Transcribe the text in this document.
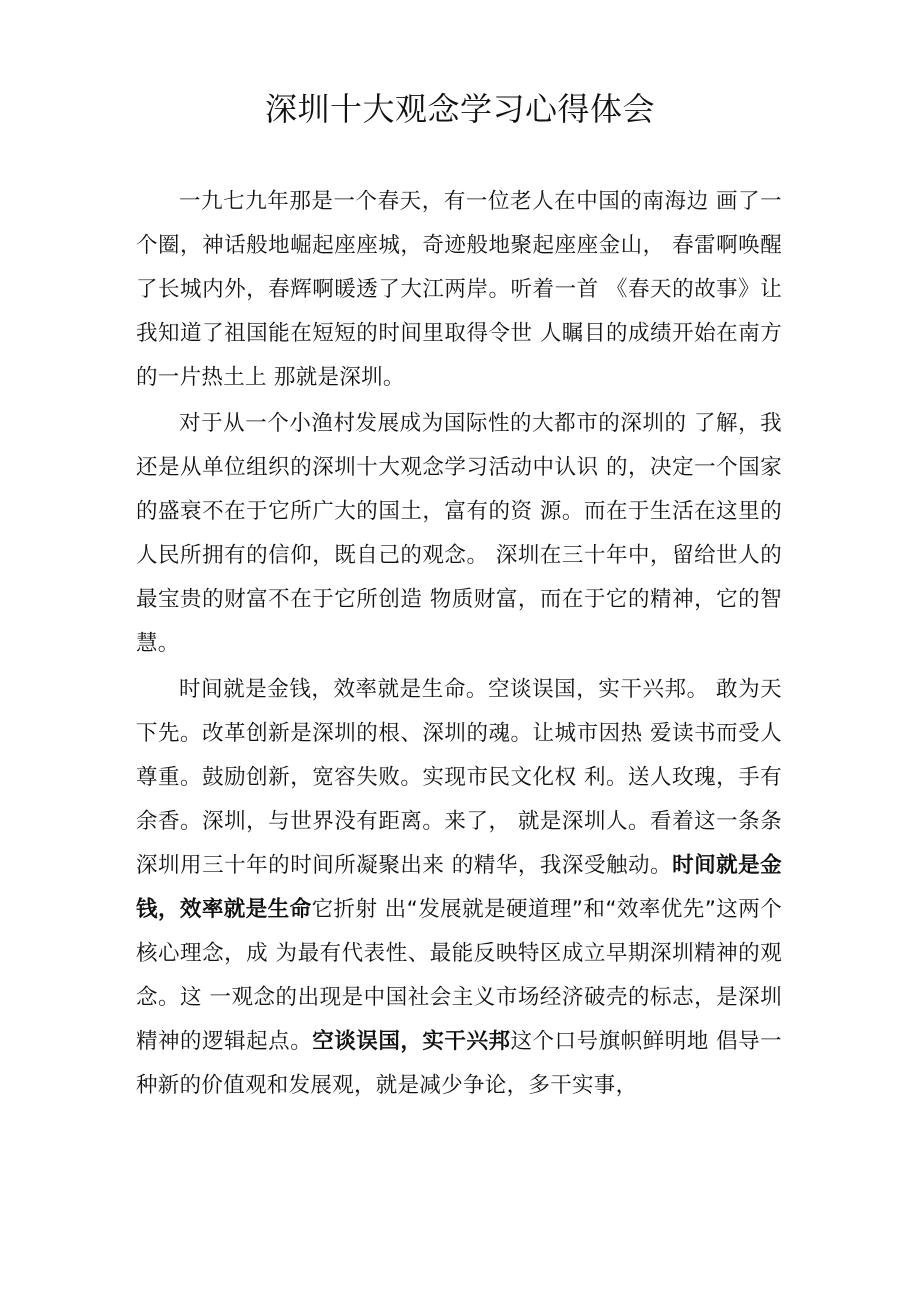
深圳十大观念学习心得体会

一九七九年那是一个春天，有一位老人在中国的南海边 画了一个圈，神话般地崛起座座城，奇迹般地聚起座座金山， 春雷啊唤醒了长城内外，春辉啊暖透了大江两岸。听着一首 《春天的故事》让我知道了祖国能在短短的时间里取得令世 人瞩目的成绩开始在南方的一片热土上 那就是深圳。

对于从一个小渔村发展成为国际性的大都市的深圳的 了解，我还是从单位组织的深圳十大观念学习活动中认识 的，决定一个国家的盛衰不在于它所广大的国土，富有的资 源。而在于生活在这里的人民所拥有的信仰，既自己的观念。 深圳在三十年中，留给世人的最宝贵的财富不在于它所创造 物质财富，而在于它的精神，它的智慧。

时间就是金钱，效率就是生命。空谈误国，实干兴邦。 敢为天下先。改革创新是深圳的根、深圳的魂。让城市因热 爱读书而受人尊重。鼓励创新，宽容失败。实现市民文化权 利。送人玫瑰，手有余香。深圳，与世界没有距离。来了， 就是深圳人。看着这一条条深圳用三十年的时间所凝聚出来 的精华，我深受触动。时间就是金钱，效率就是生命它折射 出“发展就是硬道理”和“效率优先”这两个核心理念，成 为最有代表性、最能反映特区成立早期深圳精神的观念。这 一观念的出现是中国社会主义市场经济破壳的标志，是深圳 精神的逻辑起点。空谈误国，实干兴邦这个口号旗帜鲜明地 倡导一种新的价值观和发展观，就是减少争论，多干实事，
